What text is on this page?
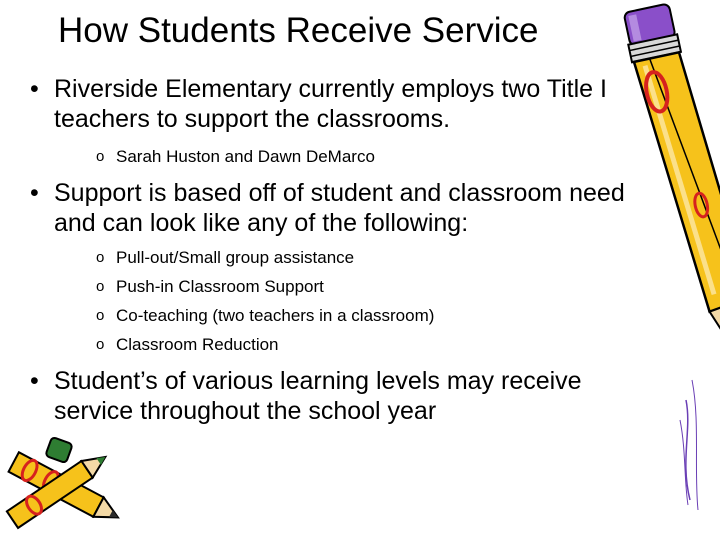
How Students Receive Service
• Riverside Elementary currently employs two Title I teachers to support the classrooms.
o Sarah Huston and Dawn DeMarco
• Support is based off of student and classroom need and can look like any of the following:
o Pull-out/Small group assistance
o Push-in Classroom Support
o Co-teaching (two teachers in a classroom)
o Classroom Reduction
• Student’s of various learning levels may receive service throughout the school year
